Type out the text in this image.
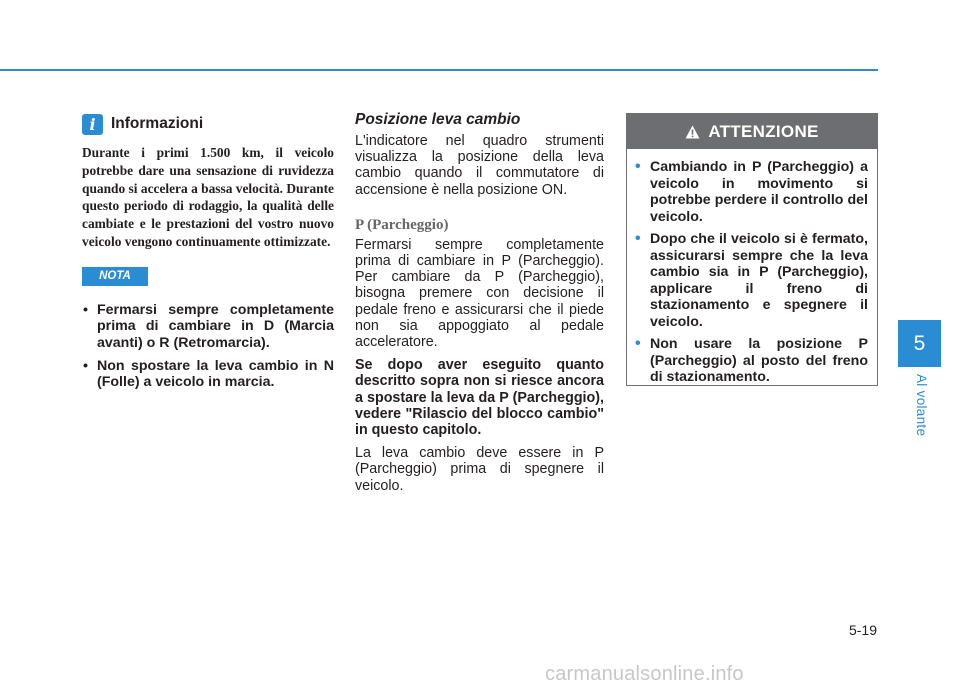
i Informazioni
Durante i primi 1.500 km, il veicolo potrebbe dare una sensazione di ruvidezza quando si accelera a bassa velocità. Durante questo periodo di rodaggio, la qualità delle cambiate e le prestazioni del vostro nuovo veicolo vengono continuamente ottimizzate.
NOTA
• Fermarsi sempre completamente prima di cambiare in D (Marcia avanti) o R (Retromarcia).
• Non spostare la leva cambio in N (Folle) a veicolo in marcia.
Posizione leva cambio
L'indicatore nel quadro strumenti visualizza la posizione della leva cambio quando il commutatore di accensione è nella posizione ON.
P (Parcheggio)
Fermarsi sempre completamente prima di cambiare in P (Parcheggio). Per cambiare da P (Parcheggio), bisogna premere con decisione il pedale freno e assicurarsi che il piede non sia appoggiato al pedale acceleratore.
Se dopo aver eseguito quanto descritto sopra non si riesce ancora a spostare la leva da P (Parcheggio), vedere "Rilascio del blocco cambio" in questo capitolo.
La leva cambio deve essere in P (Parcheggio) prima di spegnere il veicolo.
ATTENZIONE
• Cambiando in P (Parcheggio) a veicolo in movimento si potrebbe perdere il controllo del veicolo.
• Dopo che il veicolo si è fermato, assicurarsi sempre che la leva cambio sia in P (Parcheggio), applicare il freno di stazionamento e spegnere il veicolo.
• Non usare la posizione P (Parcheggio) al posto del freno di stazionamento.
5
Al volante
5-19
carmanualsonline.info
